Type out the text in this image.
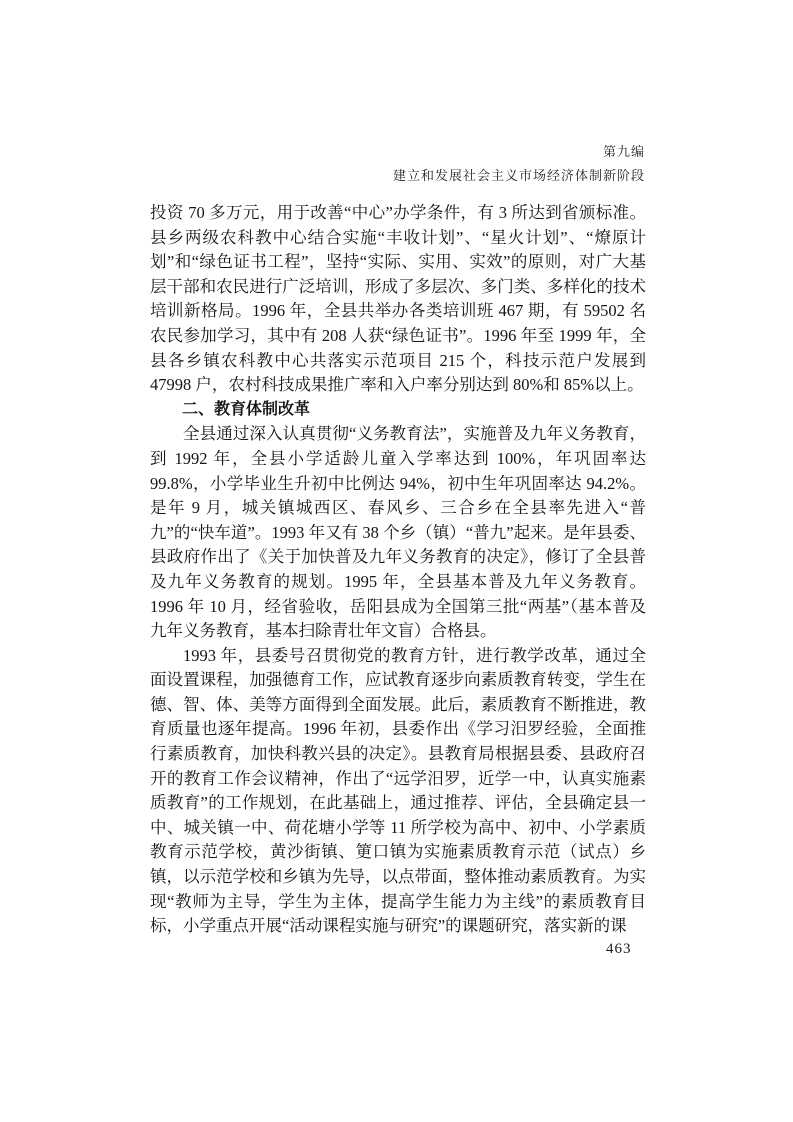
第九编
建立和发展社会主义市场经济体制新阶段

投资 70 多万元，用于改善“中心”办学条件，有 3 所达到省颁标准。县乡两级农科教中心结合实施“丰收计划”、“星火计划”、“燎原计划”和“绿色证书工程”，坚持“实际、实用、实效”的原则，对广大基层干部和农民进行广泛培训，形成了多层次、多门类、多样化的技术培训新格局。1996 年，全县共举办各类培训班 467 期，有 59502 名农民参加学习，其中有 208 人获“绿色证书”。1996 年至 1999 年，全县各乡镇农科教中心共落实示范项目 215 个，科技示范户发展到 47998 户，农村科技成果推广率和入户率分别达到 80%和 85%以上。

二、教育体制改革

全县通过深入认真贯彻“义务教育法”，实施普及九年义务教育，到 1992 年，全县小学适龄儿童入学率达到 100%，年巩固率达 99.8%，小学毕业生升初中比例达 94%，初中生年巩固率达 94.2%。是年 9 月，城关镇城西区、春风乡、三合乡在全县率先进入“普九”的“快车道”。1993 年又有 38 个乡（镇）“普九”起来。是年县委、县政府作出了《关于加快普及九年义务教育的决定》，修订了全县普及九年义务教育的规划。1995 年，全县基本普及九年义务教育。1996 年 10 月，经省验收，岳阳县成为全国第三批“两基”（基本普及九年义务教育，基本扫除青壮年文盲）合格县。

1993 年，县委号召贯彻党的教育方针，进行教学改革，通过全面设置课程，加强德育工作，应试教育逐步向素质教育转变，学生在德、智、体、美等方面得到全面发展。此后，素质教育不断推进，教育质量也逐年提高。1996 年初，县委作出《学习汨罗经验，全面推行素质教育，加快科教兴县的决定》。县教育局根据县委、县政府召开的教育工作会议精神，作出了“远学汨罗，近学一中，认真实施素质教育”的工作规划，在此基础上，通过推荐、评估，全县确定县一中、城关镇一中、荷花塘小学等 11 所学校为高中、初中、小学素质教育示范学校，黄沙街镇、筻口镇为实施素质教育示范（试点）乡镇，以示范学校和乡镇为先导，以点带面，整体推动素质教育。为实现“教师为主导，学生为主体，提高学生能力为主线”的素质教育目标，小学重点开展“活动课程实施与研究”的课题研究，落实新的课

463
